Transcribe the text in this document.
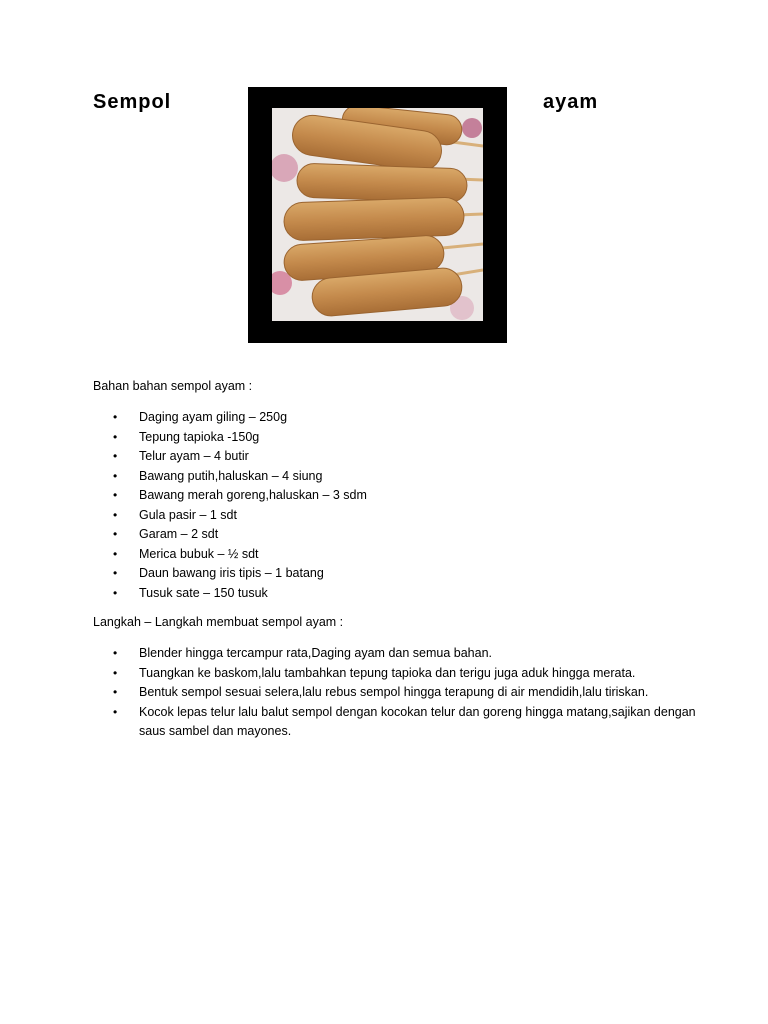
Sempol	ayam
Bahan bahan sempol ayam :
• Daging ayam giling – 250g
• Tepung tapioka -150g
• Telur ayam – 4 butir
• Bawang putih,haluskan – 4 siung
• Bawang merah goreng,haluskan – 3 sdm
• Gula pasir – 1 sdt
• Garam – 2 sdt
• Merica bubuk – ½ sdt
• Daun bawang iris tipis – 1 batang
• Tusuk sate – 150 tusuk
Langkah – Langkah membuat sempol ayam :
• Blender hingga tercampur rata,Daging ayam dan semua bahan.
• Tuangkan ke baskom,lalu tambahkan tepung tapioka dan terigu juga aduk hingga merata.
• Bentuk sempol sesuai selera,lalu rebus sempol hingga terapung di air mendidih,lalu tiriskan.
• Kocok lepas telur lalu balut sempol dengan kocokan telur dan goreng hingga matang,sajikan dengan saus sambel dan mayones.
